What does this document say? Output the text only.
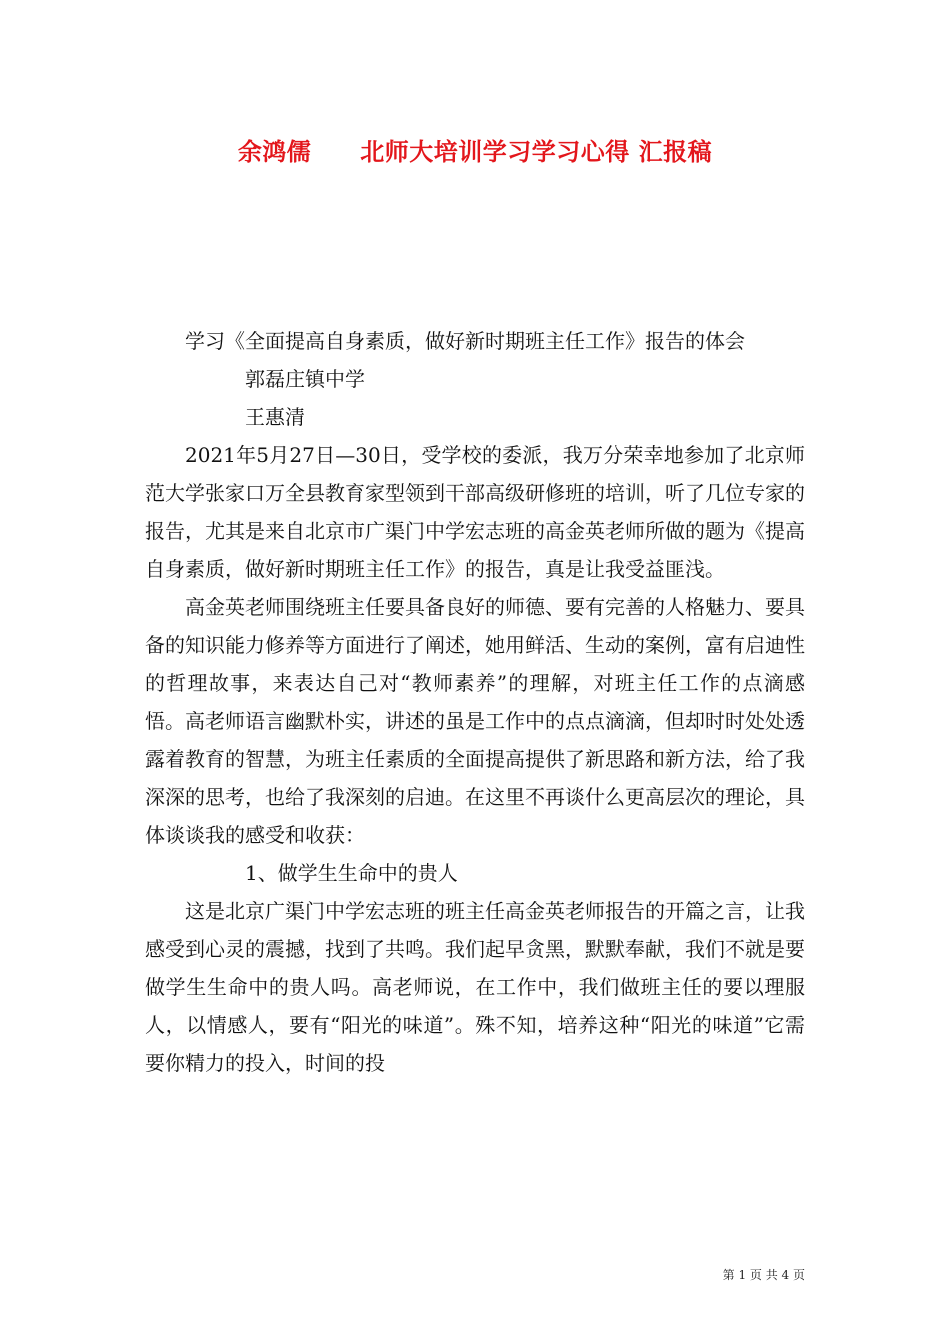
余鸿儒　　北师大培训学习学习心得 汇报稿

学习《全面提高自身素质，做好新时期班主任工作》报告的体会

郭磊庄镇中学

王惠清

2021年5月27日—30日，受学校的委派，我万分荣幸地参加了北京师范大学张家口万全县教育家型领到干部高级研修班的培训，听了几位专家的报告，尤其是来自北京市广渠门中学宏志班的高金英老师所做的题为《提高自身素质，做好新时期班主任工作》的报告，真是让我受益匪浅。

高金英老师围绕班主任要具备良好的师德、要有完善的人格魅力、要具备的知识能力修养等方面进行了阐述，她用鲜活、生动的案例，富有启迪性的哲理故事，来表达自己对“教师素养”的理解，对班主任工作的点滴感悟。高老师语言幽默朴实，讲述的虽是工作中的点点滴滴，但却时时处处透露着教育的智慧，为班主任素质的全面提高提供了新思路和新方法，给了我深深的思考，也给了我深刻的启迪。在这里不再谈什么更高层次的理论，具体谈谈我的感受和收获：

1、做学生生命中的贵人

这是北京广渠门中学宏志班的班主任高金英老师报告的开篇之言，让我感受到心灵的震撼，找到了共鸣。我们起早贪黑，默默奉献，我们不就是要做学生生命中的贵人吗。高老师说，在工作中，我们做班主任的要以理服人，以情感人，要有“阳光的味道”。殊不知，培养这种“阳光的味道”它需要你精力的投入，时间的投

第 1 页 共 4 页
